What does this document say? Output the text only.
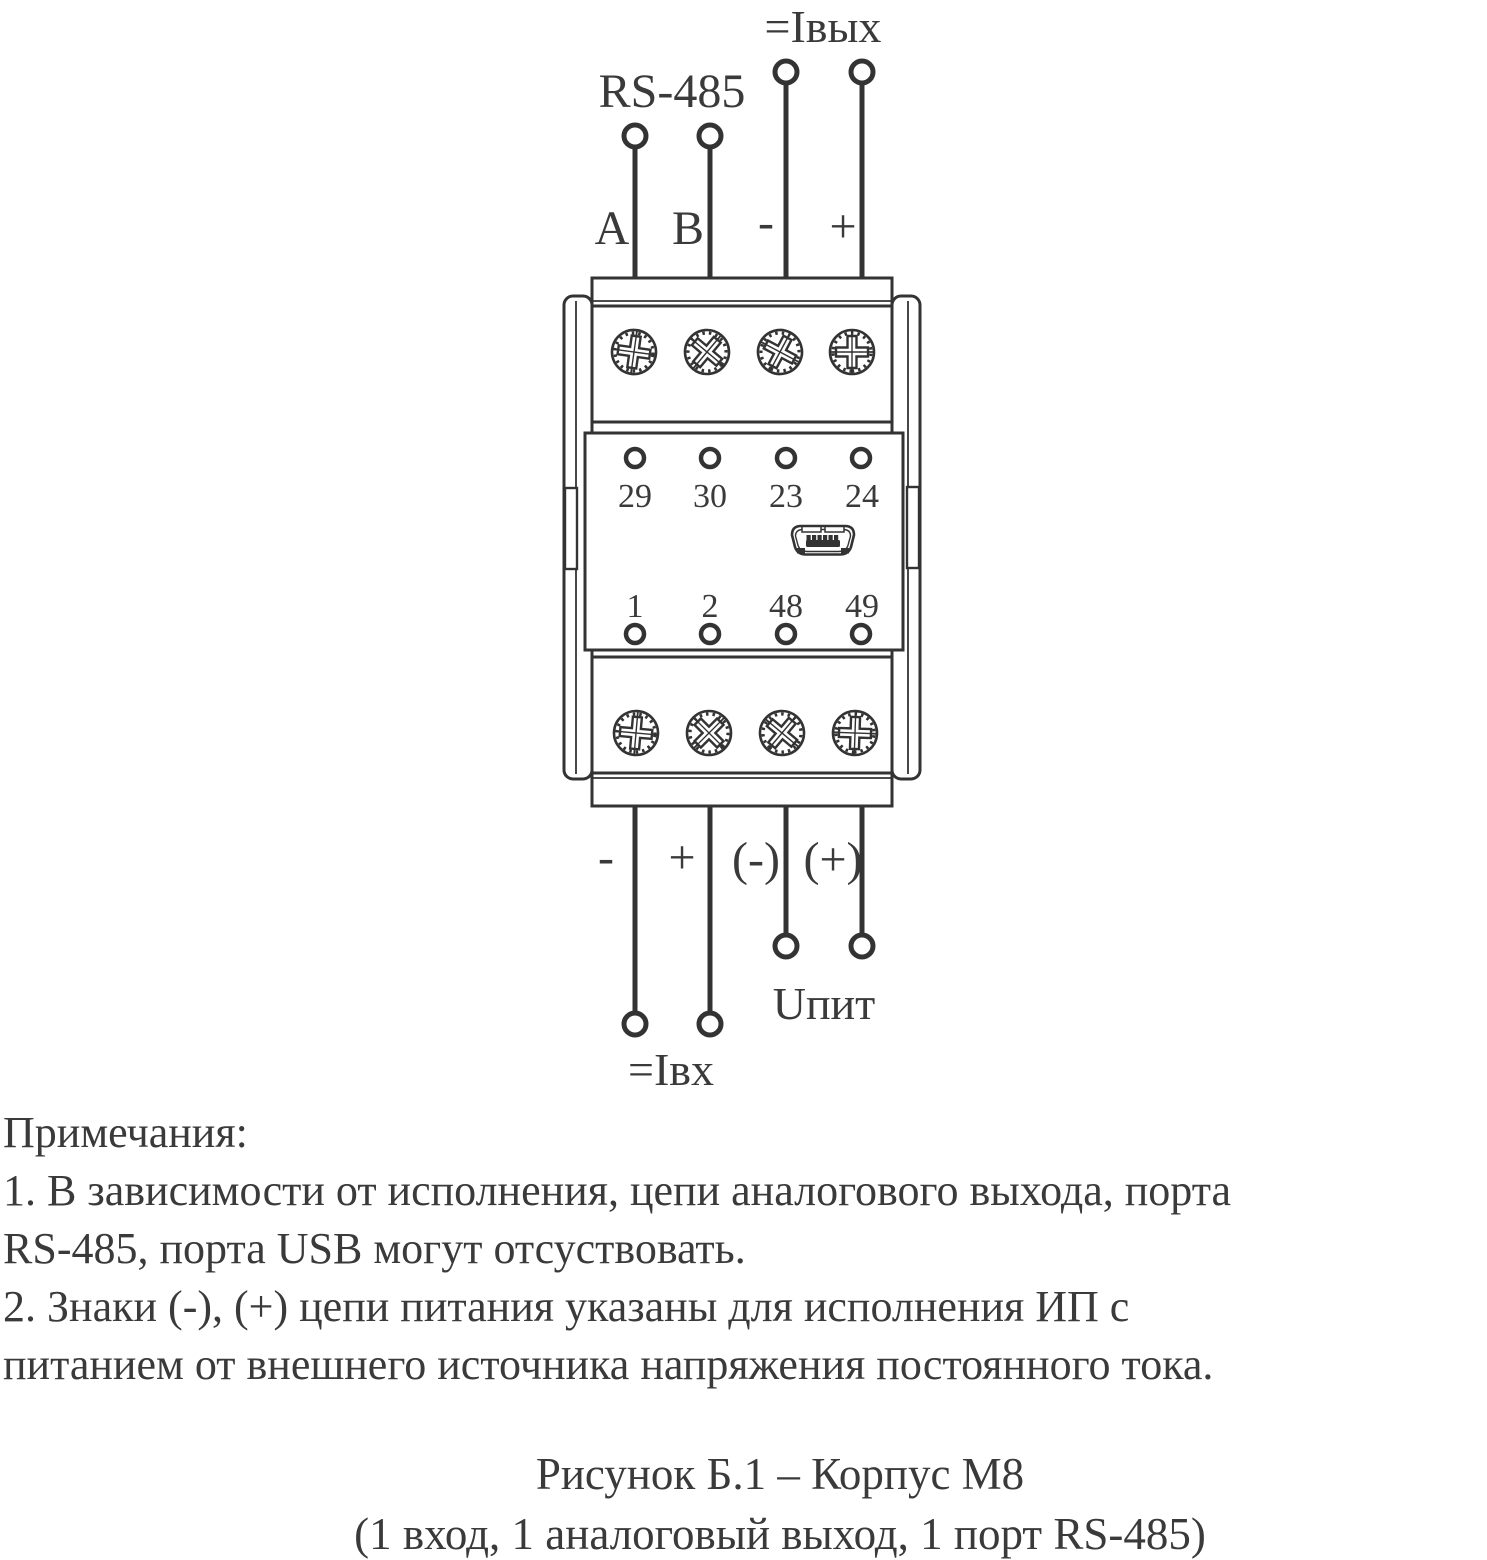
=Iвых
RS-485
A B - +
29 30 23 24
1 2 48 49
- + (-) (+)
Uпит
=Iвх
Примечания:
1. В зависимости от исполнения, цепи аналогового выхода, порта
RS-485, порта USB могут отсуствовать.
2. Знаки (-), (+) цепи питания указаны для исполнения ИП с
питанием от внешнего источника напряжения постоянного тока.
Рисунок Б.1 – Корпус М8
(1 вход, 1 аналоговый выход, 1 порт RS-485)
